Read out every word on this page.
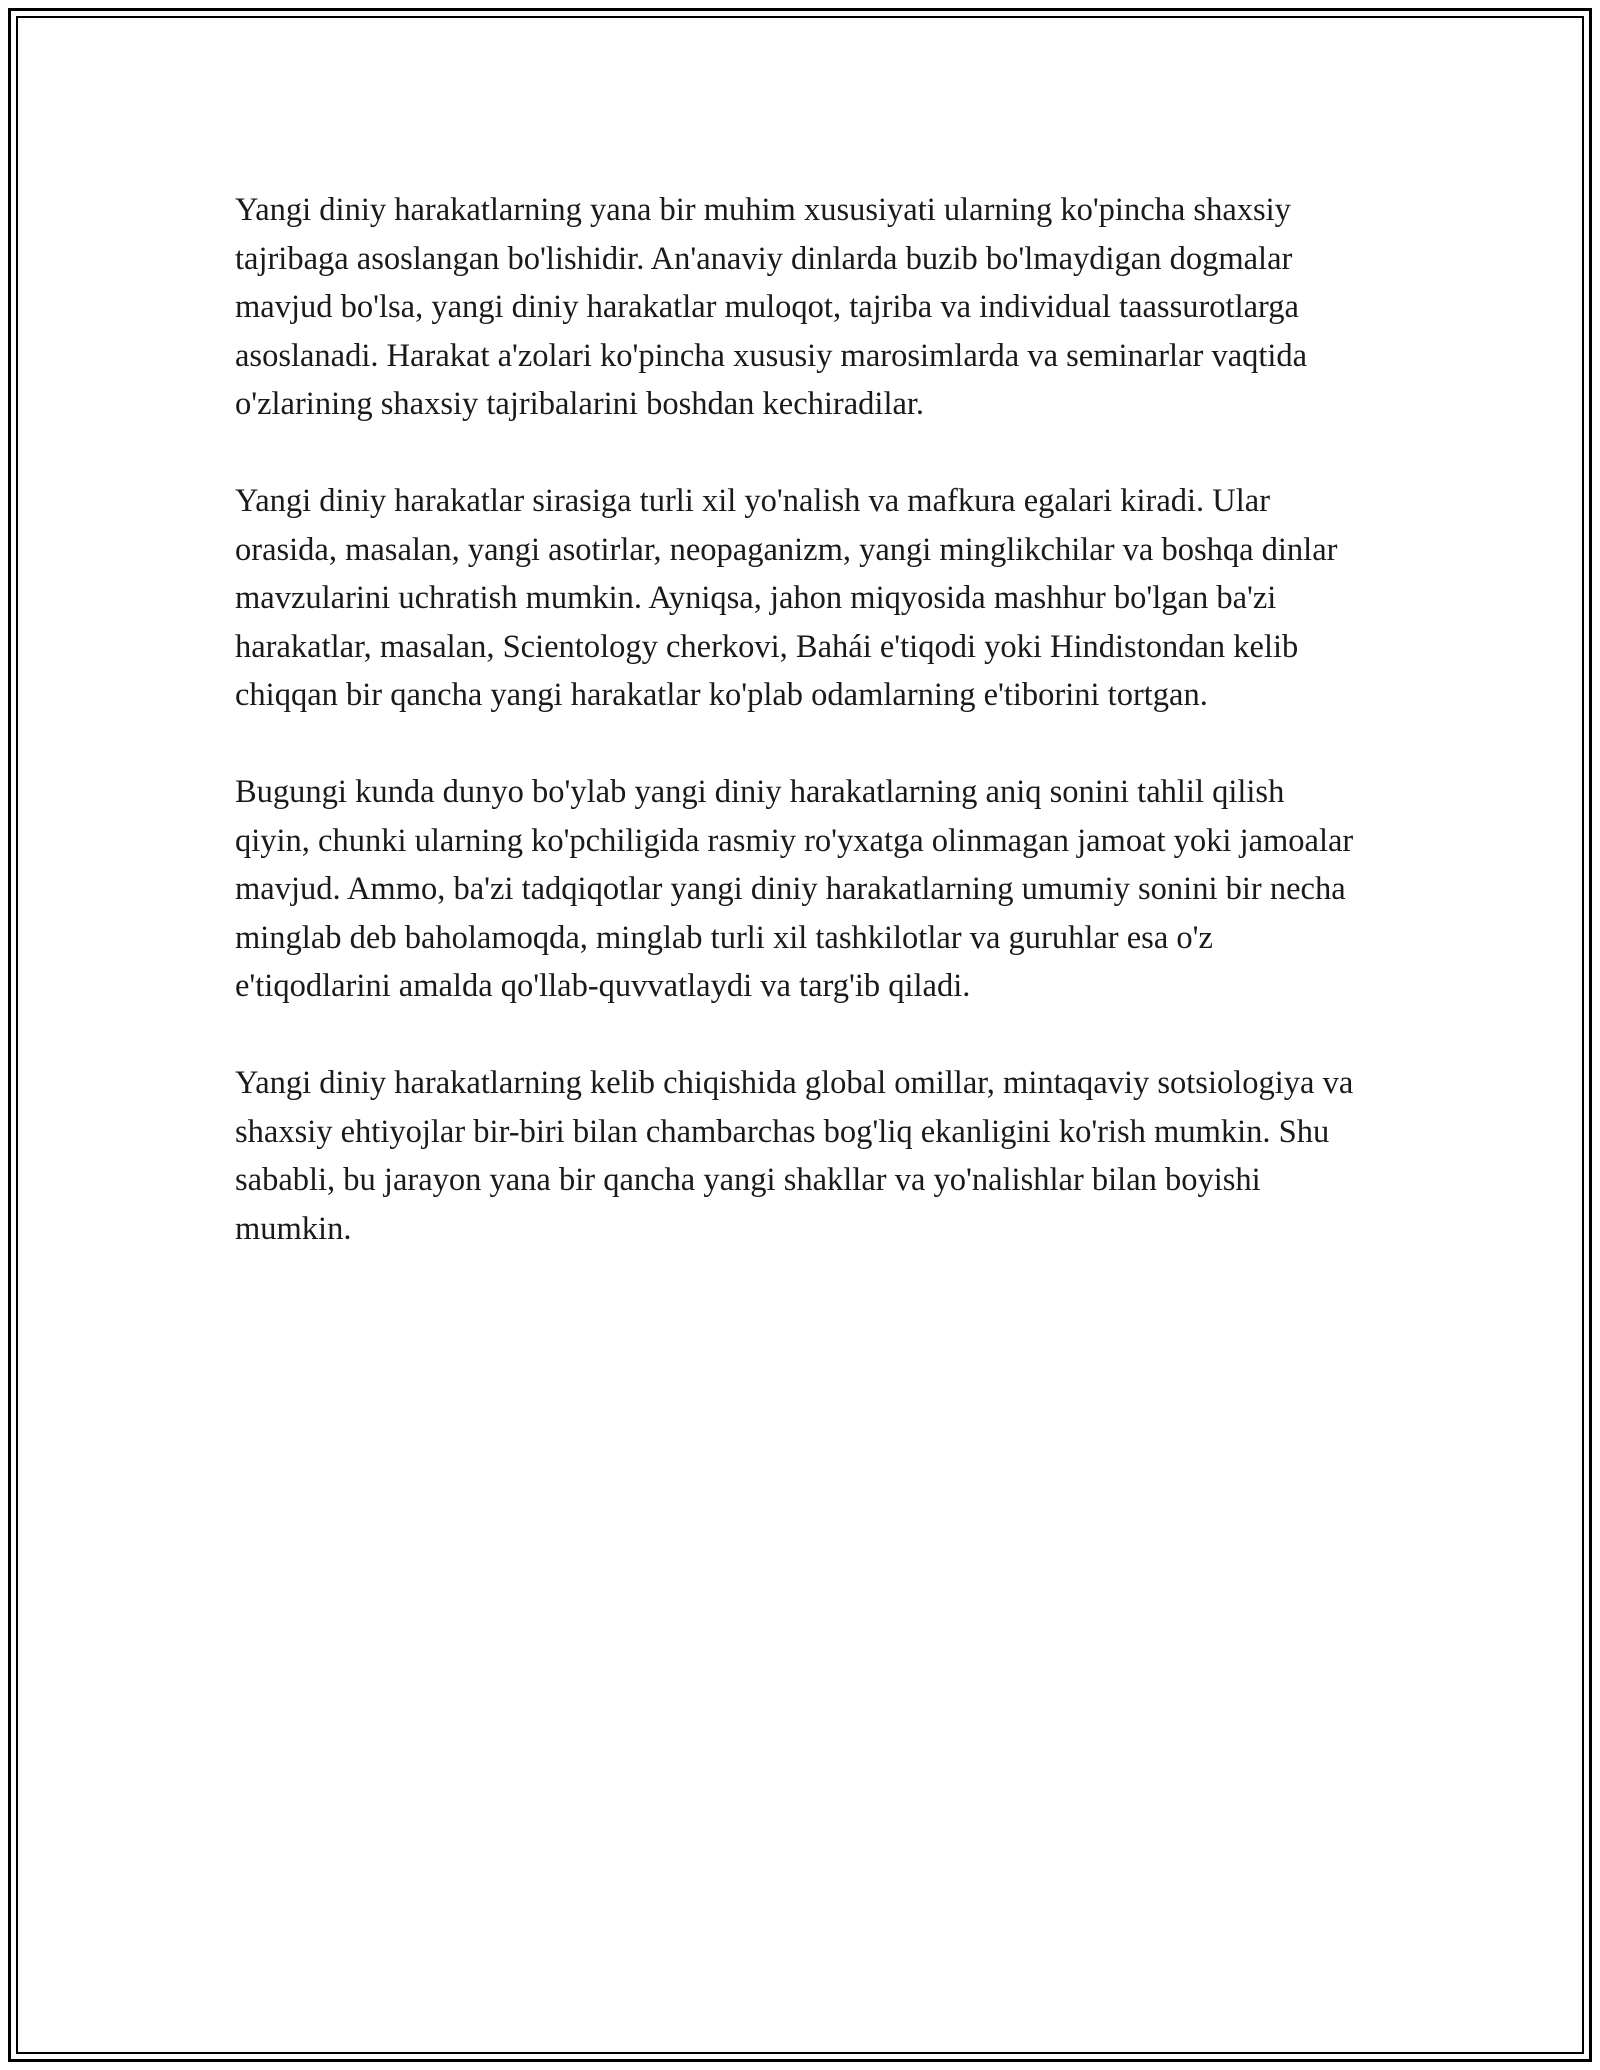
Yangi diniy harakatlarning yana bir muhim xususiyati ularning ko'pincha shaxsiy tajribaga asoslangan bo'lishidir. An'anaviy dinlarda buzib bo'lmaydigan dogmalar mavjud bo'lsa, yangi diniy harakatlar muloqot, tajriba va individual taassurotlarga asoslanadi. Harakat a'zolari ko'pincha xususiy marosimlarda va seminarlar vaqtida o'zlarining shaxsiy tajribalarini boshdan kechiradilar.

Yangi diniy harakatlar sirasiga turli xil yo'nalish va mafkura egalari kiradi. Ular orasida, masalan, yangi asotirlar, neopaganizm, yangi minglikchilar va boshqa dinlar mavzularini uchratish mumkin. Ayniqsa, jahon miqyosida mashhur bo'lgan ba'zi harakatlar, masalan, Scientology cherkovi, Bahái e'tiqodi yoki Hindistondan kelib chiqqan bir qancha yangi harakatlar ko'plab odamlarning e'tiborini tortgan.

Bugungi kunda dunyo bo'ylab yangi diniy harakatlarning aniq sonini tahlil qilish qiyin, chunki ularning ko'pchiligida rasmiy ro'yxatga olinmagan jamoat yoki jamoalar mavjud. Ammo, ba'zi tadqiqotlar yangi diniy harakatlarning umumiy sonini bir necha minglab deb baholamoqda, minglab turli xil tashkilotlar va guruhlar esa o'z e'tiqodlarini amalda qo'llab-quvvatlaydi va targ'ib qiladi.

Yangi diniy harakatlarning kelib chiqishida global omillar, mintaqaviy sotsiologiya va shaxsiy ehtiyojlar bir-biri bilan chambarchas bog'liq ekanligini ko'rish mumkin. Shu sababli, bu jarayon yana bir qancha yangi shakllar va yo'nalishlar bilan boyishi mumkin.
